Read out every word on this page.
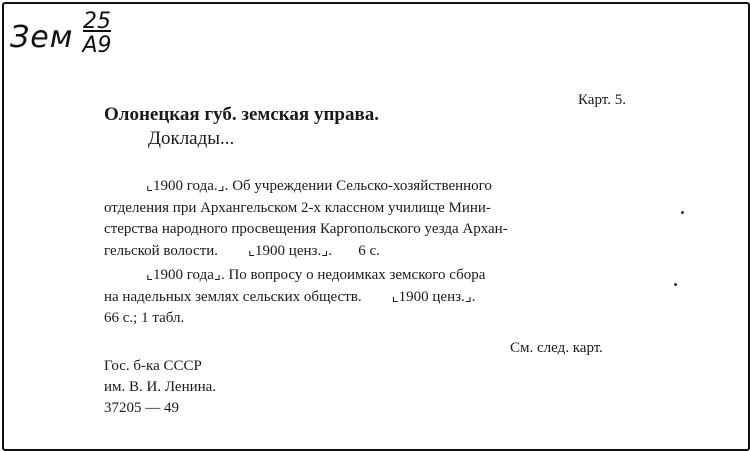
Зем 25
А9
Карт. 5.
Олонецкая губ. земская управа.
Доклады...
⌞1900 года.⌟. Об учреждении Сельско-хозяйственного
отделения при Архангельском 2-х классном училище Мини-
стерства народного просвещения Каргопольского уезда Архан-
гельской волости.        ⌞1900 ценз.⌟.       6 с.
⌞1900 года⌟. По вопросу о недоимках земского сбора
на надельных землях сельских обществ.        ⌞1900 ценз.⌟.
66 с.; 1 табл.
См. след. карт.
Гос. б-ка СССР
им. В. И. Ленина.
37205 — 49
